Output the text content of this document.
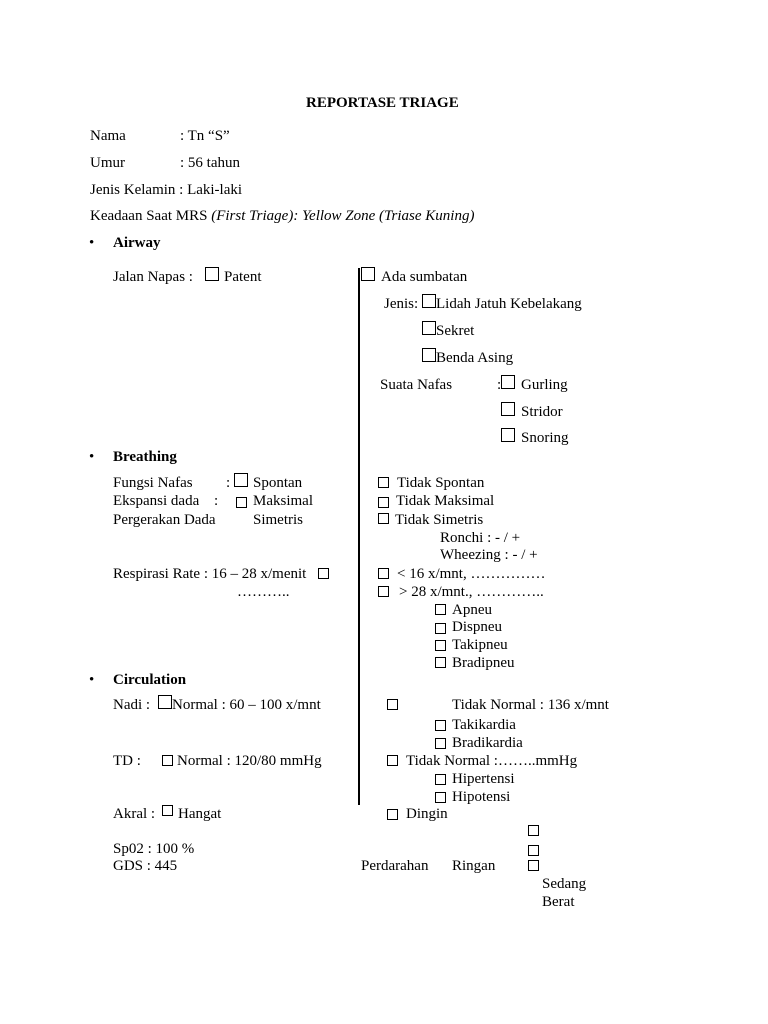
REPORTASE TRIAGE
Nama	: Tn “S”
Umur	: 56 tahun
Jenis Kelamin : Laki-laki
Keadaan Saat MRS (First Triage): Yellow Zone (Triase Kuning)
• Airway
Jalan Napas : Patent	Ada sumbatan
Jenis: Lidah Jatuh Kebelakang
Sekret
Benda Asing
Suata Nafas	: Gurling
Stridor
Snoring
• Breathing
Fungsi Nafas : Spontan	Tidak Spontan
Ekspansi dada : Maksimal	Tidak Maksimal
Pergerakan Dada Simetris	Tidak Simetris
Ronchi : - / +
Wheezing : - / +
Respirasi Rate : 16 – 28 x/menit
………..
< 16 x/mnt, ……………
> 28 x/mnt., …………..
Apneu
Dispneu
Takipneu
Bradipneu
• Circulation
Nadi : Normal : 60 – 100 x/mnt	Tidak Normal : 136 x/mnt
Takikardia
Bradikardia
TD : Normal : 120/80 mmHg	Tidak Normal :……..mmHg
Hipertensi
Hipotensi
Akral : Hangat	Dingin
Sp02 : 100 %
GDS : 445	Perdarahan Ringan
Sedang
Berat
